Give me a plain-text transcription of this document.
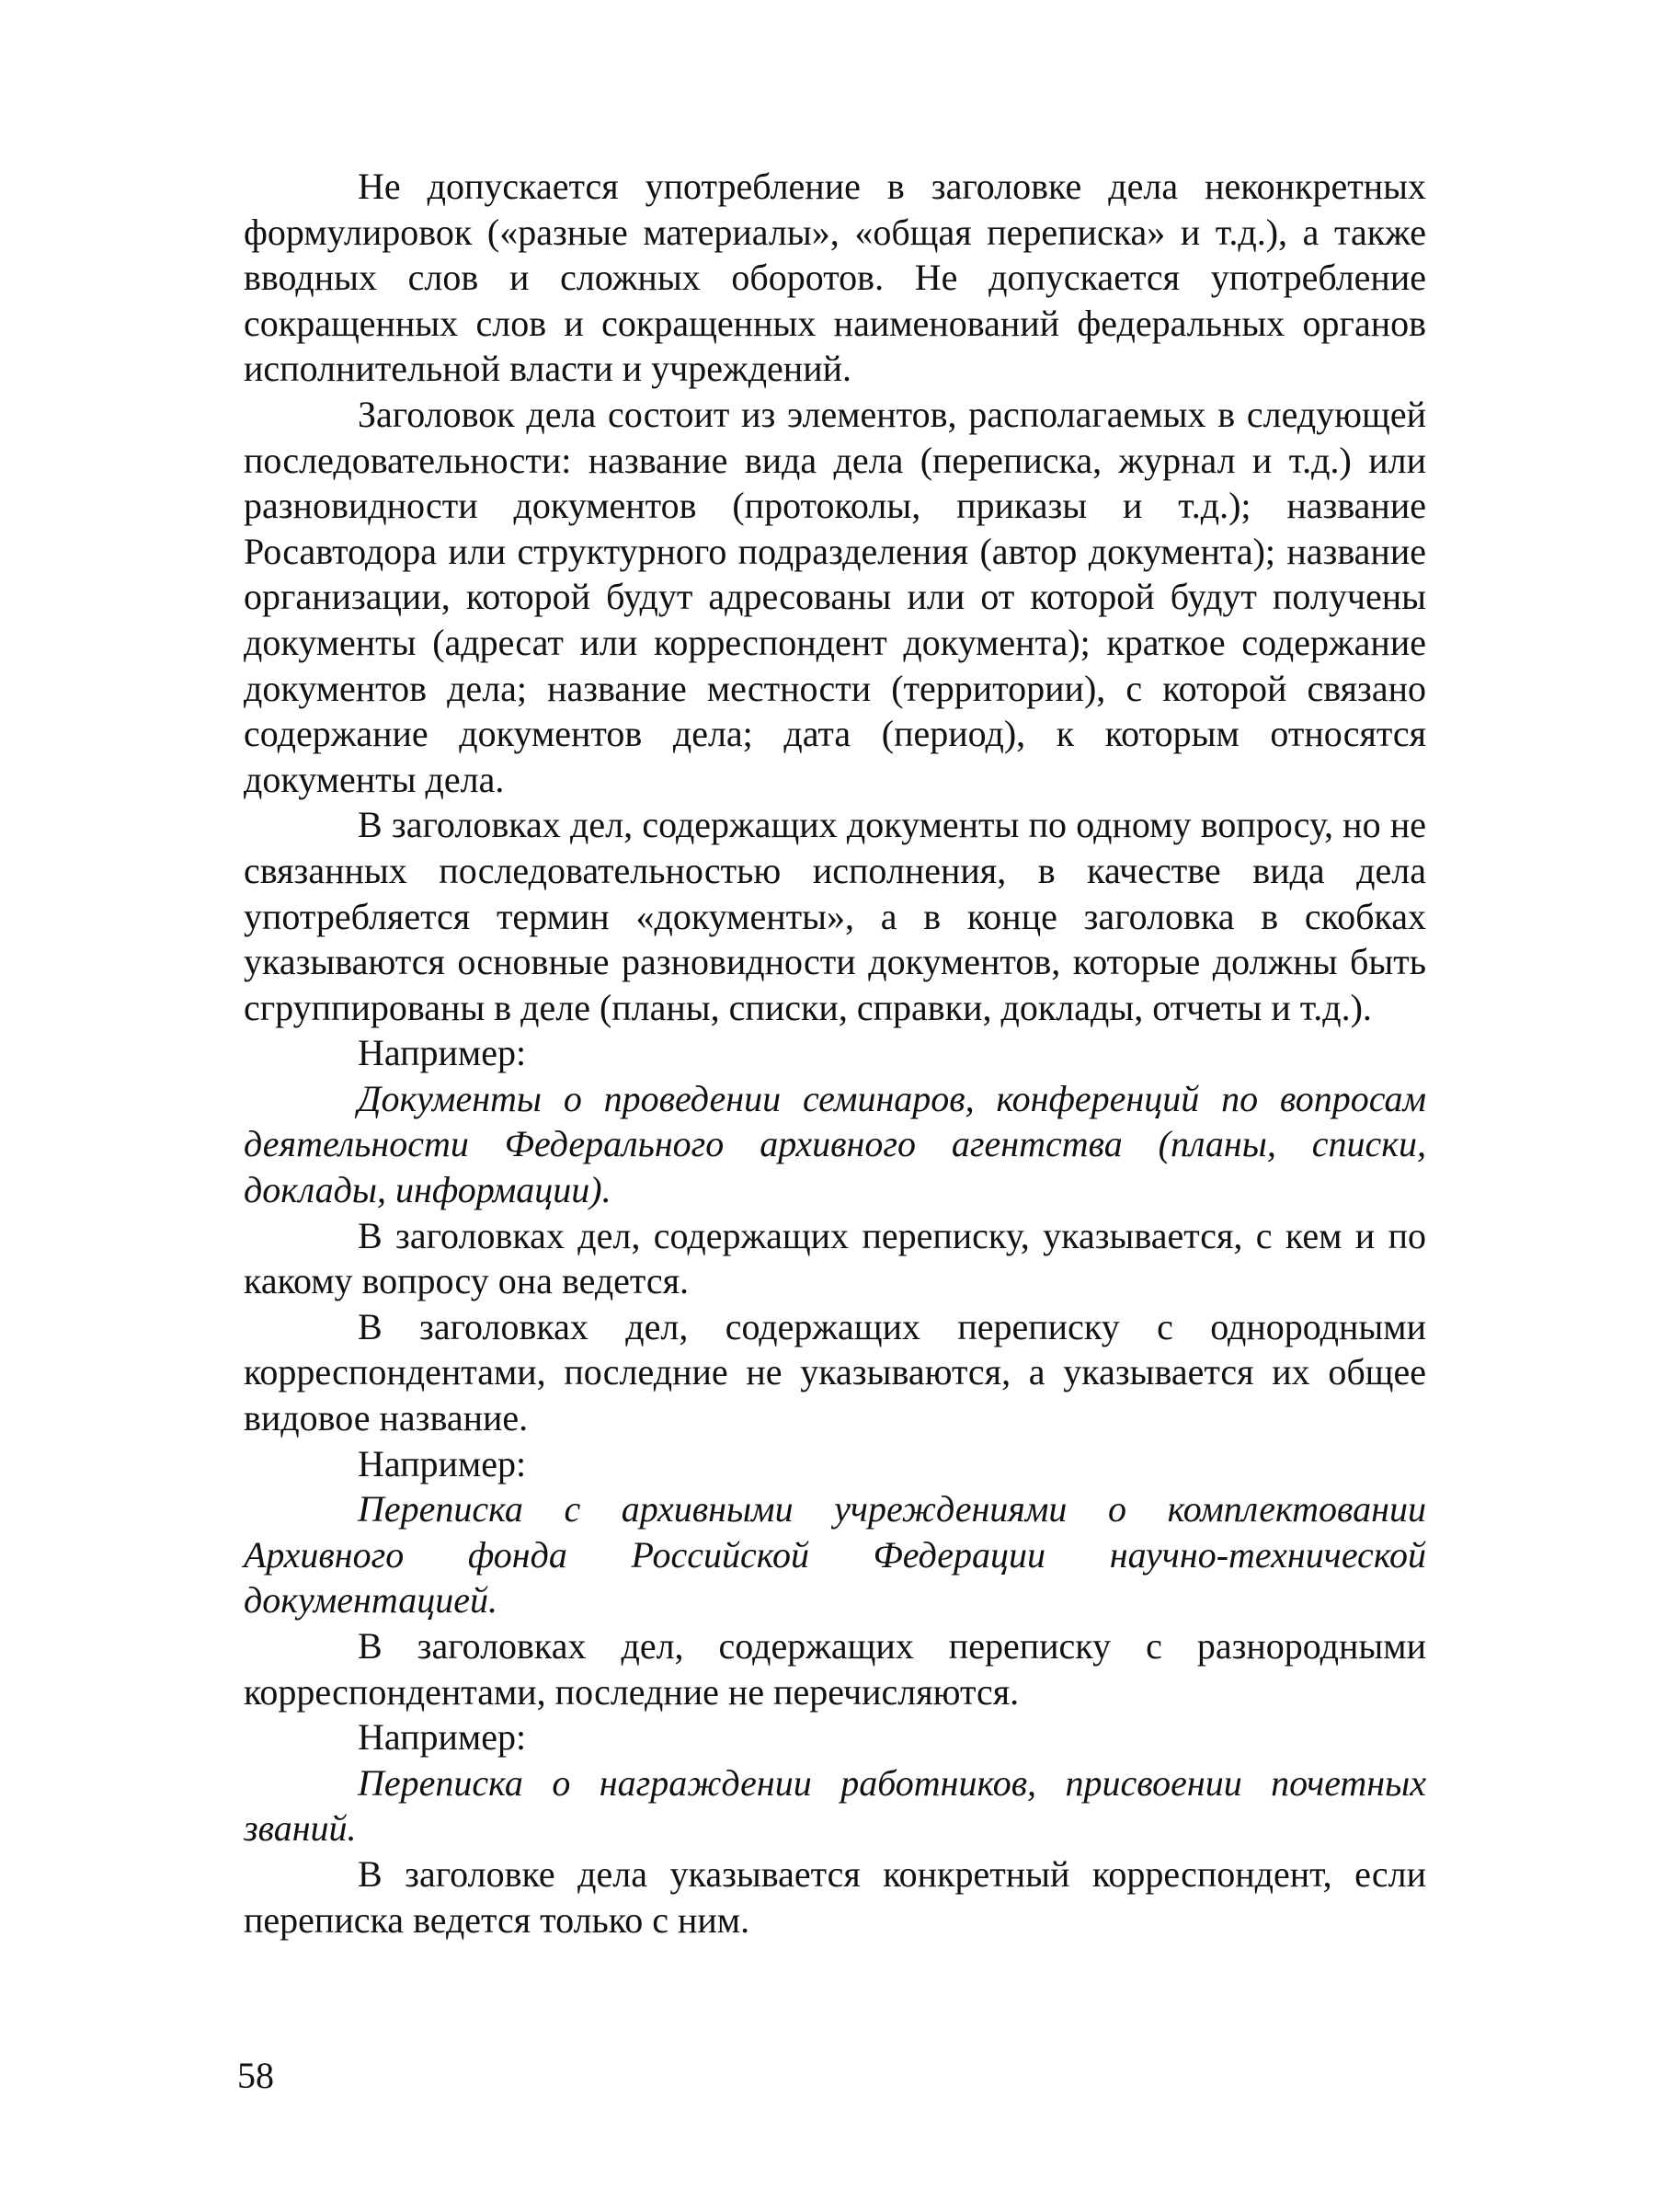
Не допускается употребление в заголовке дела неконкретных формулировок («разные материалы», «общая переписка» и т.д.), а также вводных слов и сложных оборотов. Не допускается употребление сокращенных слов и сокращенных наименований федеральных органов исполнительной власти и учреждений.

Заголовок дела состоит из элементов, располагаемых в следующей последовательности: название вида дела (переписка, журнал и т.д.) или разновидности документов (протоколы, приказы и т.д.); название Росавтодора или структурного подразделения (автор документа); название организации, которой будут адресованы или от которой будут получены документы (адресат или корреспондент документа); краткое содержание документов дела; название местности (территории), с которой связано содержание документов дела; дата (период), к которым относятся документы дела.

В заголовках дел, содержащих документы по одному вопросу, но не связанных последовательностью исполнения, в качестве вида дела употребляется термин «документы», а в конце заголовка в скобках указываются основные разновидности документов, которые должны быть сгруппированы в деле (планы, списки, справки, доклады, отчеты и т.д.).

Например:

Документы о проведении семинаров, конференций по вопросам деятельности Федерального архивного агентства (планы, списки, доклады, информации).

В заголовках дел, содержащих переписку, указывается, с кем и по какому вопросу она ведется.

В заголовках дел, содержащих переписку с однородными корреспондентами, последние не указываются, а указывается их общее видовое название.

Например:

Переписка с архивными учреждениями о комплектовании Архивного фонда Российской Федерации научно-технической документацией.

В заголовках дел, содержащих переписку с разнородными корреспондентами, последние не перечисляются.

Например:

Переписка о награждении работников, присвоении почетных званий.

В заголовке дела указывается конкретный корреспондент, если переписка ведется только с ним.

58
